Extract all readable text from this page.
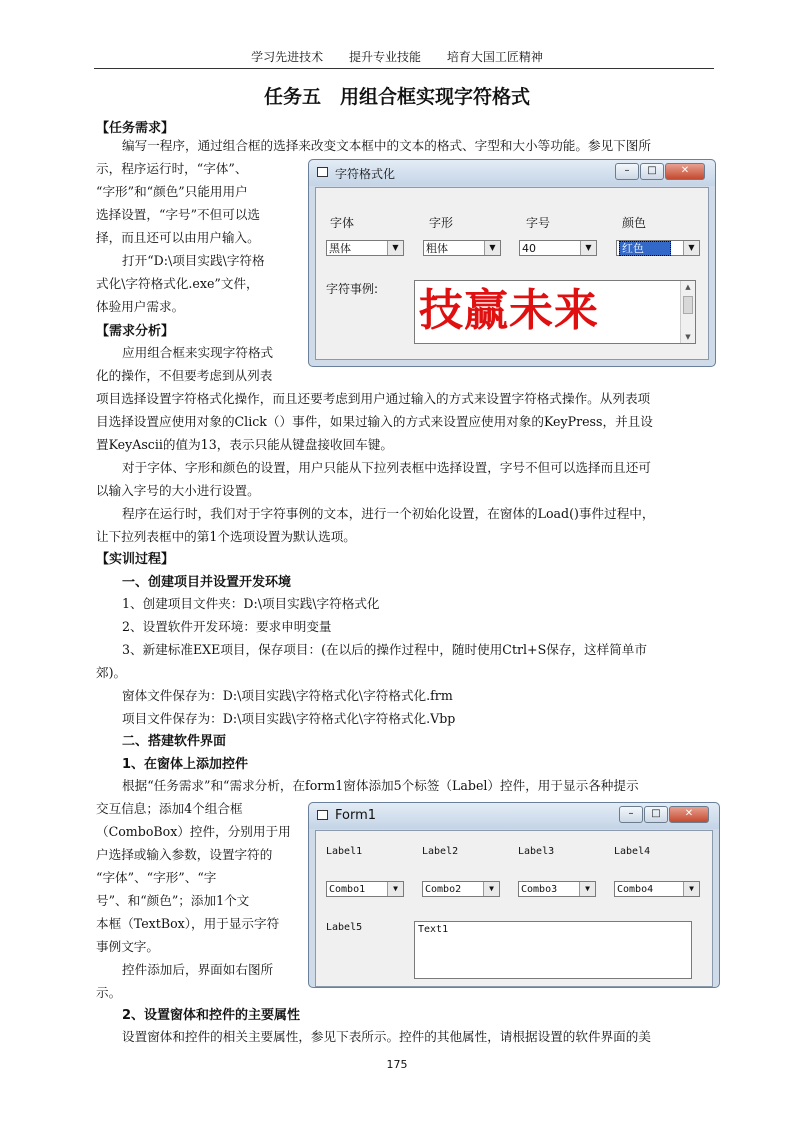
学习先进技术 提升专业技能 培育大国工匠精神
任务五　用组合框实现字符格式
【任务需求】
编写一程序，通过组合框的选择来改变文本框中的文本的格式、字型和大小等功能。参见下图所
示，程序运行时，“字体”、
“字形”和“颜色”只能用用户
选择设置，“字号”不但可以选
择，而且还可以由用户输入。
打开“D:\项目实践\字符格
式化\字符格式化.exe”文件，
体验用户需求。
【需求分析】
应用组合框来实现字符格式
化的操作，不但要考虑到从列表
项目选择设置字符格式化操作，而且还要考虑到用户通过输入的方式来设置字符格式操作。从列表项
目选择设置应使用对象的Click（）事件，如果过输入的方式来设置应使用对象的KeyPress，并且设
置KeyAscii的值为13，表示只能从键盘接收回车键。
对于字体、字形和颜色的设置，用户只能从下拉列表框中选择设置，字号不但可以选择而且还可
以输入字号的大小进行设置。
程序在运行时，我们对于字符事例的文本，进行一个初始化设置，在窗体的Load()事件过程中，
让下拉列表框中的第1个选项设置为默认选项。
【实训过程】
一、创建项目并设置开发环境
1、创建项目文件夹：D:\项目实践\字符格式化
2、设置软件开发环境：要求申明变量
3、新建标准EXE项目，保存项目：(在以后的操作过程中，随时使用Ctrl+S保存，这样简单市
郊)。
窗体文件保存为：D:\项目实践\字符格式化\字符格式化.frm
项目文件保存为：D:\项目实践\字符格式化\字符格式化.Vbp
二、搭建软件界面
1、在窗体上添加控件
根据“任务需求”和“需求分析，在form1窗体添加5个标签（Label）控件，用于显示各种提示
交互信息；添加4个组合框
（ComboBox）控件，分别用于用
户选择或输入参数，设置字符的
“字体”、“字形”、“字
号”、和“颜色”；添加1个文
本框（TextBox），用于显示字符
事例文字。
控件添加后，界面如右图所
示。
2、设置窗体和控件的主要属性
设置窗体和控件的相关主要属性，参见下表所示。控件的其他属性，请根据设置的软件界面的美
175
字符格式化	–	□	✕
字体	字形	字号	颜色
黑体	▼	粗体	▼	40	▼	红色	▼
字符事例: 技赢未来	▲
▼
Form1	–	□	✕
Label1	Label2	Label3	Label4
Combo1	▼	Combo2	▼	Combo3	▼	Combo4	▼
Label5	Text1
